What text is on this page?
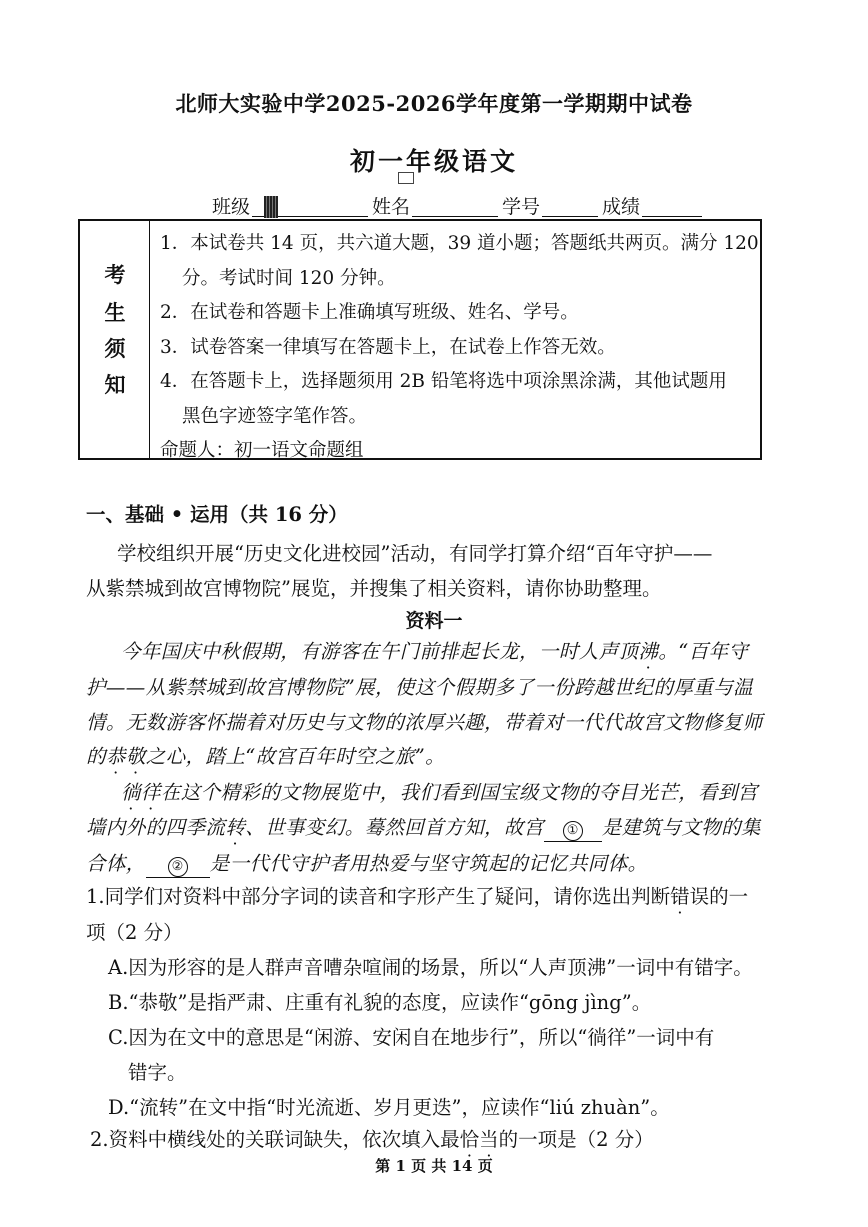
北师大实验中学2025-2026学年度第一学期期中试卷
初一年级语文
班级	姓名	学号	成绩
考
生
须
知
1．本试卷共 14 页，共六道大题，39 道小题；答题纸共两页。满分 120
分。考试时间 120 分钟。
2．在试卷和答题卡上准确填写班级、姓名、学号。
3．试卷答案一律填写在答题卡上，在试卷上作答无效。
4．在答题卡上，选择题须用 2B 铅笔将选中项涂黑涂满，其他试题用
黑色字迹签字笔作答。
命题人：初一语文命题组
一、基础 • 运用（共 16 分）
学校组织开展“历史文化进校园”活动，有同学打算介绍“百年守护——
从紫禁城到故宫博物院”展览，并搜集了相关资料，请你协助整理。
资料一
今年国庆中秋假期，有游客在午门前排起长龙，一时人声顶沸。“百年守
护——从紫禁城到故宫博物院”展，使这个假期多了一份跨越世纪的厚重与温
情。无数游客怀揣着对历史与文物的浓厚兴趣，带着对一代代故宫文物修复师
的恭敬之心，踏上“故宫百年时空之旅”。
徜徉在这个精彩的文物展览中，我们看到国宝级文物的夺目光芒，看到宫
墙内外的四季流转、世事变幻。蓦然回首方知，故宫 ① 是建筑与文物的集
合体， ② 是一代代守护者用热爱与坚守筑起的记忆共同体。
1.同学们对资料中部分字词的读音和字形产生了疑问，请你选出判断错误的一
项（2 分）
A.因为形容的是人群声音嘈杂喧闹的场景，所以“人声顶沸”一词中有错字。
B.“恭敬”是指严肃、庄重有礼貌的态度，应读作“gōng jìng”。
C.因为在文中的意思是“闲游、安闲自在地步行”，所以“徜徉”一词中有
错字。
D.“流转”在文中指“时光流逝、岁月更迭”，应读作“liú zhuàn”。
2.资料中横线处的关联词缺失，依次填入最恰当的一项是（2 分）
第 1 页 共 14 页
